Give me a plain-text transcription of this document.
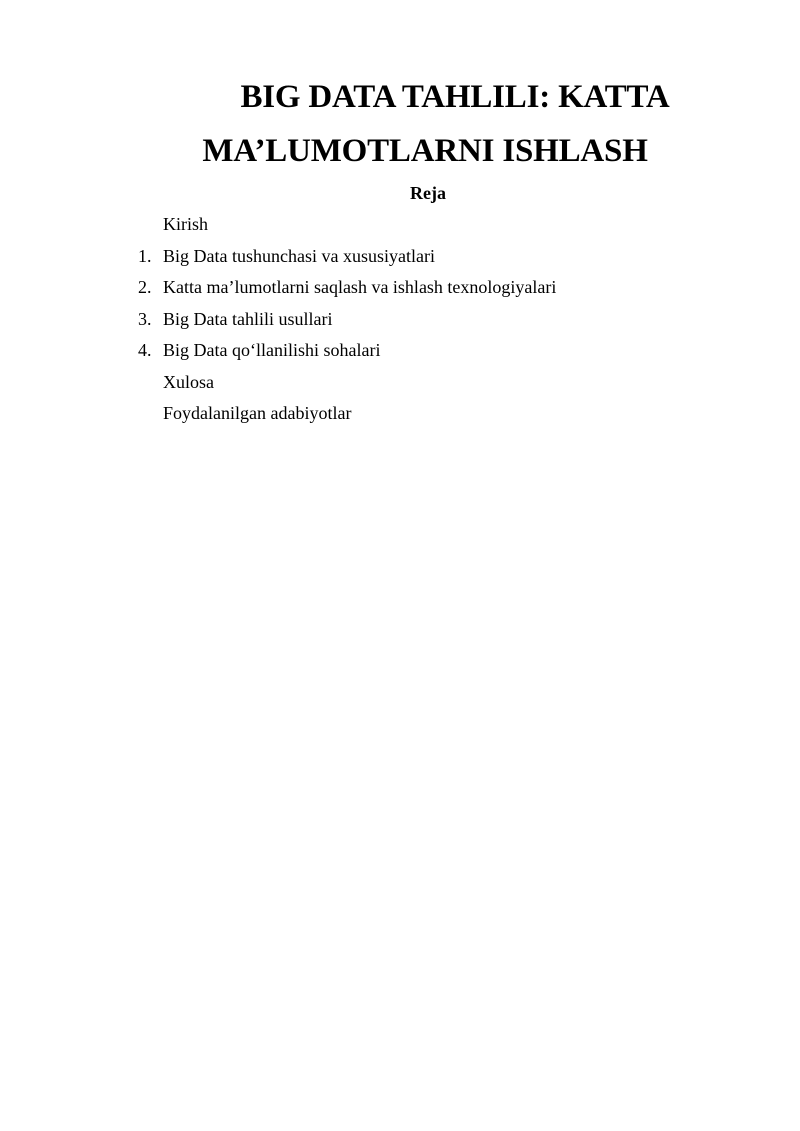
BIG DATA TAHLILI: KATTA
MA’LUMOTLARNI ISHLASH
Reja
Kirish
1. Big Data tushunchasi va xususiyatlari
2. Katta ma’lumotlarni saqlash va ishlash texnologiyalari
3. Big Data tahlili usullari
4. Big Data qo‘llanilishi sohalari
Xulosa
Foydalanilgan adabiyotlar
